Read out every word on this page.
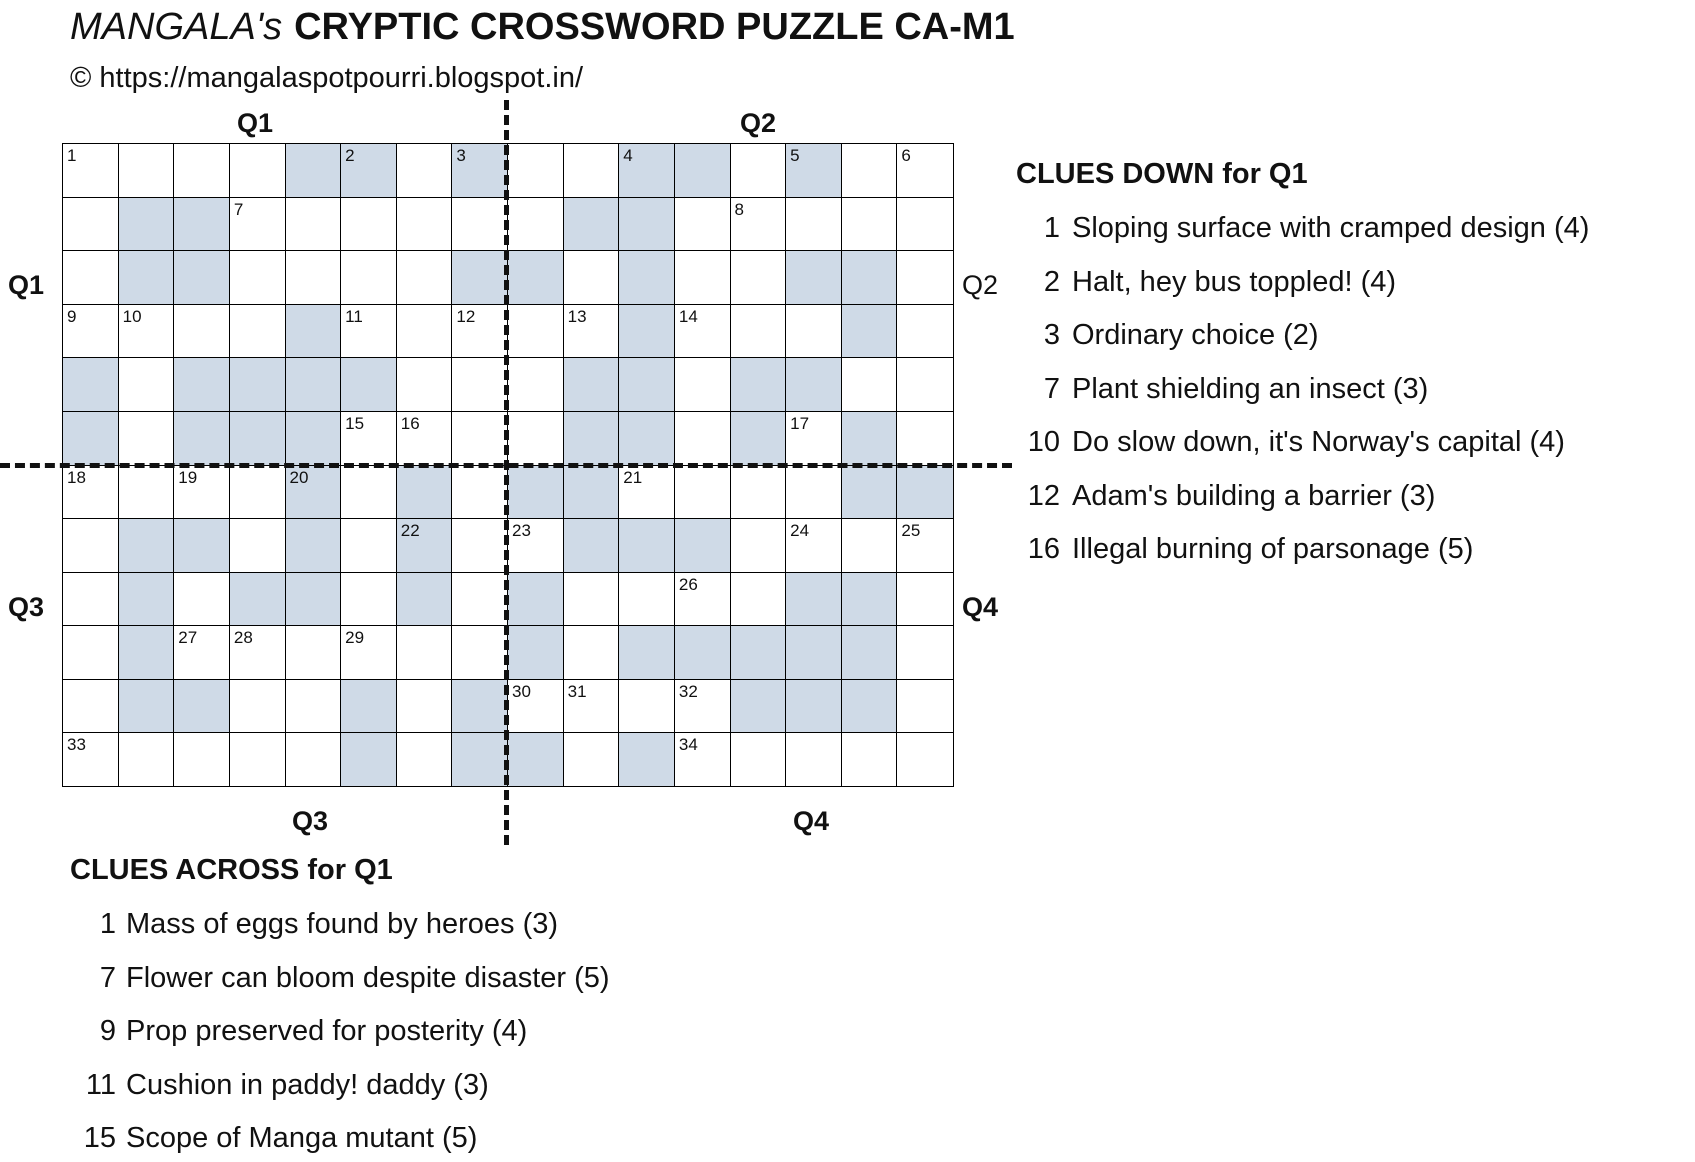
MANGALA's CRYPTIC CROSSWORD PUZZLE CA-M1
© https://mangalaspotpourri.blogspot.in/
Q1	Q2
Q1	Q2
Q3	Q4
Q3	Q4
1	2	3	4	5	6
7	8
9	10	11	12	13	14
15 16	17
18	19	20	21
22	23	24	25
26
27 28	29
30 31	32
33	34
CLUES DOWN for Q1
1 Sloping surface with cramped design (4)
2 Halt, hey bus toppled! (4)
3 Ordinary choice (2)
7 Plant shielding an insect (3)
10 Do slow down, it's Norway's capital (4)
12 Adam's building a barrier (3)
16 Illegal burning of parsonage (5)
CLUES ACROSS for Q1
1 Mass of eggs found by heroes (3)
7 Flower can bloom despite disaster (5)
9 Prop preserved for posterity (4)
11 Cushion in paddy! daddy (3)
15 Scope of Manga mutant (5)
